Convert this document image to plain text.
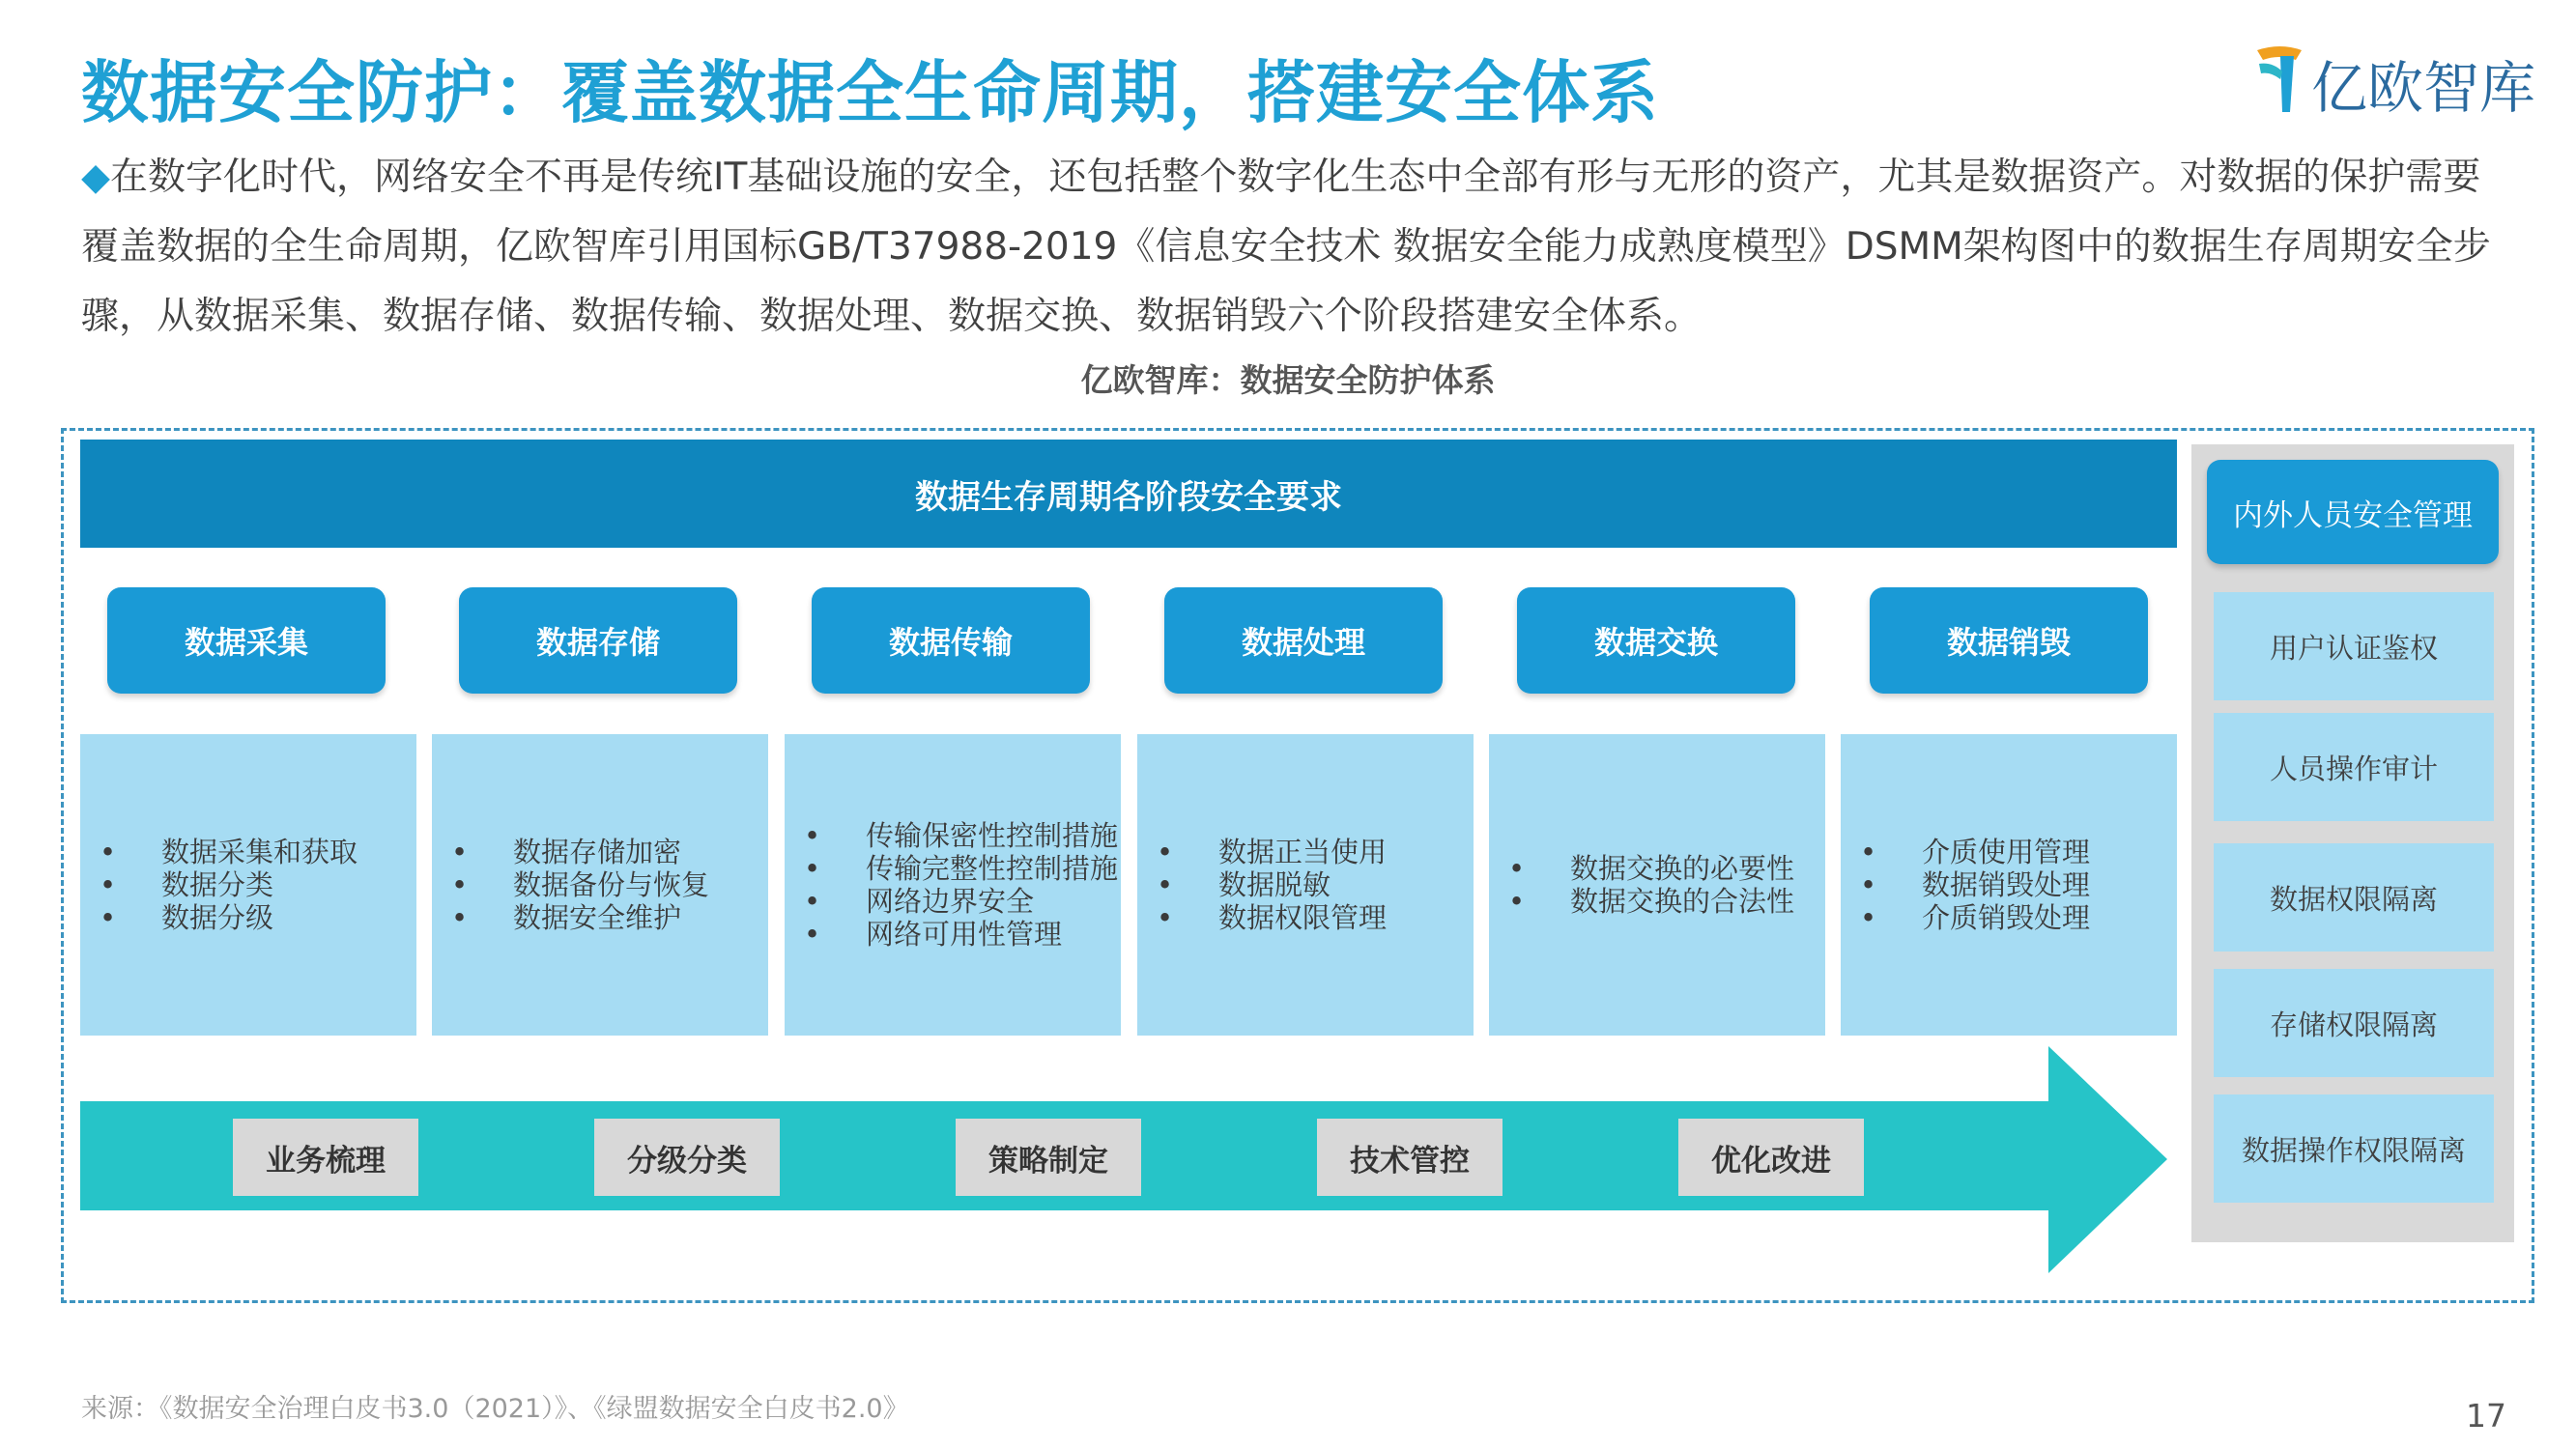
数据安全防护：覆盖数据全生命周期，搭建安全体系	亿欧智库
◆在数字化时代，网络安全不再是传统IT基础设施的安全，还包括整个数字化生态中全部有形与无形的资产，尤其是数据资产。对数据的保护需要覆盖数据的全生命周期，亿欧智库引用国标GB/T37988-2019《信息安全技术 数据安全能力成熟度模型》DSMM架构图中的数据生存周期安全步骤，从数据采集、数据存储、数据传输、数据处理、数据交换、数据销毁六个阶段搭建安全体系。
亿欧智库：数据安全防护体系
数据生存周期各阶段安全要求
数据采集	数据存储	数据传输	数据处理	数据交换	数据销毁
• 数据采集和获取
• 数据分类
• 数据分级
• 数据存储加密
• 数据备份与恢复
• 数据安全维护
• 传输保密性控制措施
• 传输完整性控制措施
• 网络边界安全
• 网络可用性管理
• 数据正当使用
• 数据脱敏
• 数据权限管理
• 数据交换的必要性
• 数据交换的合法性
• 介质使用管理
• 数据销毁处理
• 介质销毁处理
业务梳理	分级分类	策略制定	技术管控	优化改进
内外人员安全管理
用户认证鉴权
人员操作审计
数据权限隔离
存储权限隔离
数据操作权限隔离
来源：《数据安全治理白皮书3.0（2021）》、《绿盟数据安全白皮书2.0》	17
